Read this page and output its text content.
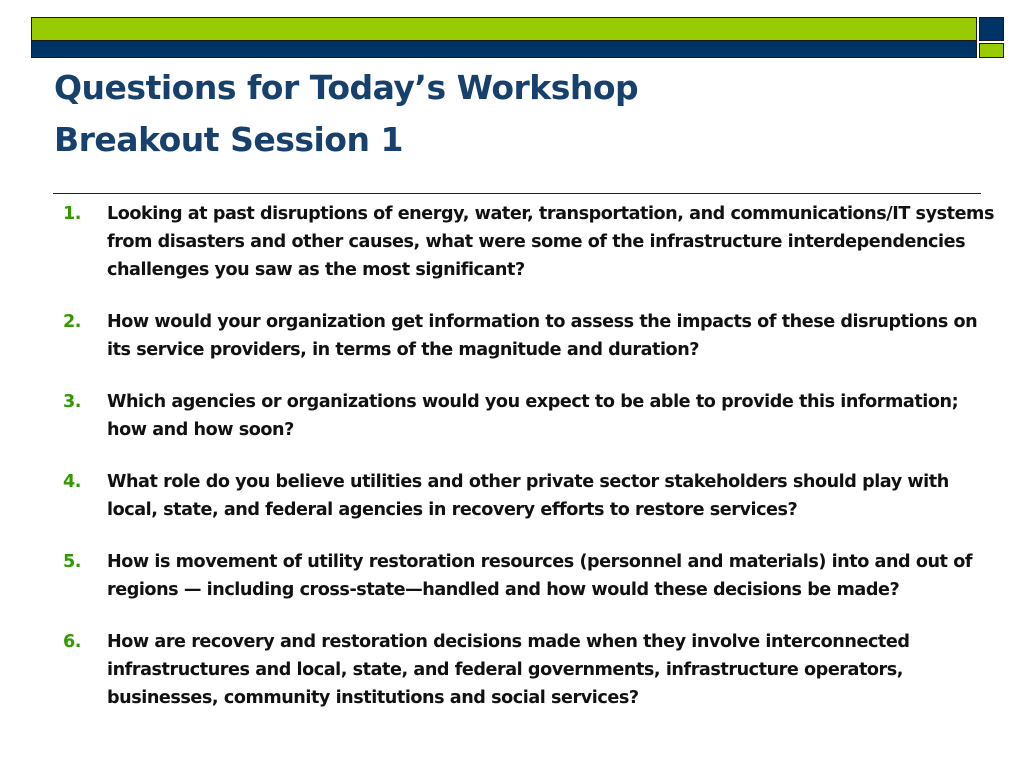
Questions for Today’s Workshop
Breakout Session 1
1. Looking at past disruptions of energy, water, transportation, and communications/IT systems from disasters and other causes, what were some of the infrastructure interdependencies challenges you saw as the most significant?
2. How would your organization get information to assess the impacts of these disruptions on its service providers, in terms of the magnitude and duration?
3. Which agencies or organizations would you expect to be able to provide this information; how and how soon?
4. What role do you believe utilities and other private sector stakeholders should play with local, state, and federal agencies in recovery efforts to restore services?
5. How is movement of utility restoration resources (personnel and materials) into and out of regions — including cross-state—handled and how would these decisions be made?
6. How are recovery and restoration decisions made when they involve interconnected infrastructures and local, state, and federal governments, infrastructure operators, businesses, community institutions and social services?
